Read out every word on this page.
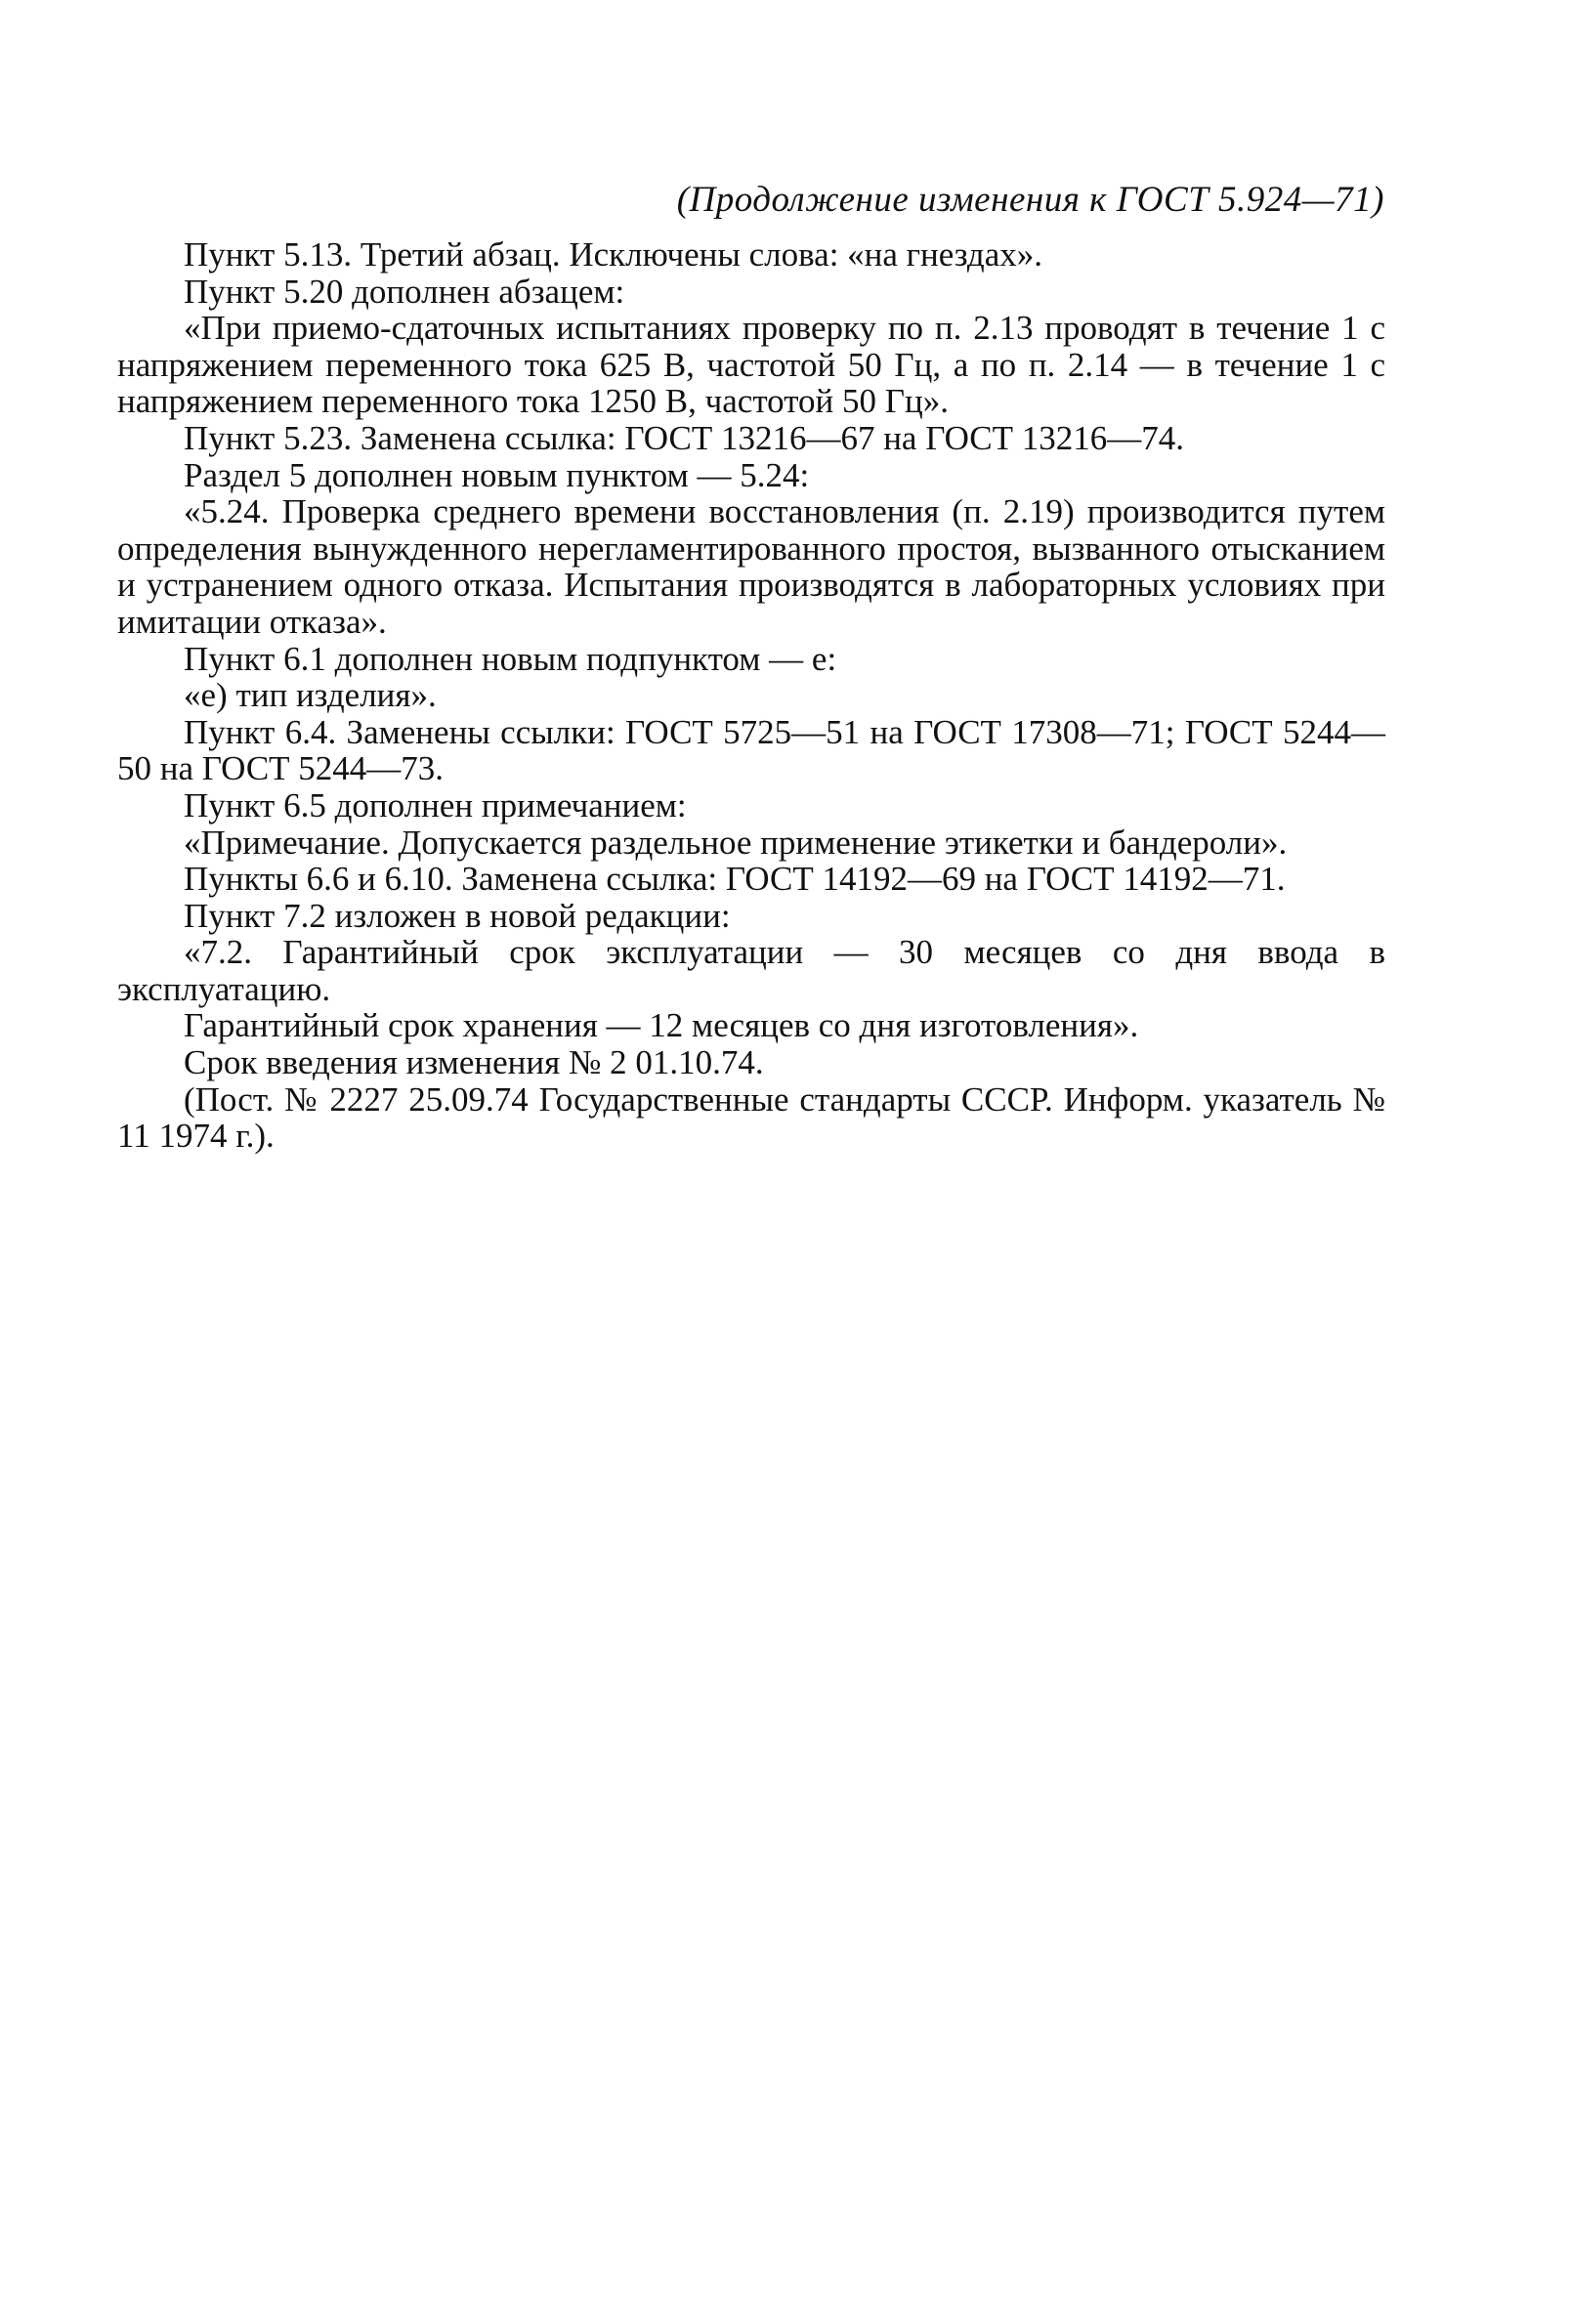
(Продолжение изменения к ГОСТ 5.924—71)

Пункт 5.13. Третий абзац. Исключены слова: «на гнездах».

Пункт 5.20 дополнен абзацем:

«При приемо-сдаточных испытаниях проверку по п. 2.13 проводят в течение 1 с напряжением переменного тока 625 В, частотой 50 Гц, а по п. 2.14 — в течение 1 с напряжением переменного тока 1250 В, частотой 50 Гц».

Пункт 5.23. Заменена ссылка: ГОСТ 13216—67 на ГОСТ 13216—74.

Раздел 5 дополнен новым пунктом — 5.24:

«5.24. Проверка среднего времени восстановления (п. 2.19) производится путем определения вынужденного нерегламентированного простоя, вызванного отысканием и устранением одного отказа. Испытания производятся в лабораторных условиях при имитации отказа».

Пункт 6.1 дополнен новым подпунктом — е:

«е) тип изделия».

Пункт 6.4. Заменены ссылки: ГОСТ 5725—51 на ГОСТ 17308—71; ГОСТ 5244—50 на ГОСТ 5244—73.

Пункт 6.5 дополнен примечанием:

«Примечание. Допускается раздельное применение этикетки и бандероли».

Пункты 6.6 и 6.10. Заменена ссылка: ГОСТ 14192—69 на ГОСТ 14192—71.

Пункт 7.2 изложен в новой редакции:

«7.2. Гарантийный срок эксплуатации — 30 месяцев со дня ввода в эксплуатацию.

Гарантийный срок хранения — 12 месяцев со дня изготовления».

Срок введения изменения № 2 01.10.74.

(Пост. № 2227 25.09.74 Государственные стандарты СССР. Информ. указатель № 11 1974 г.).
